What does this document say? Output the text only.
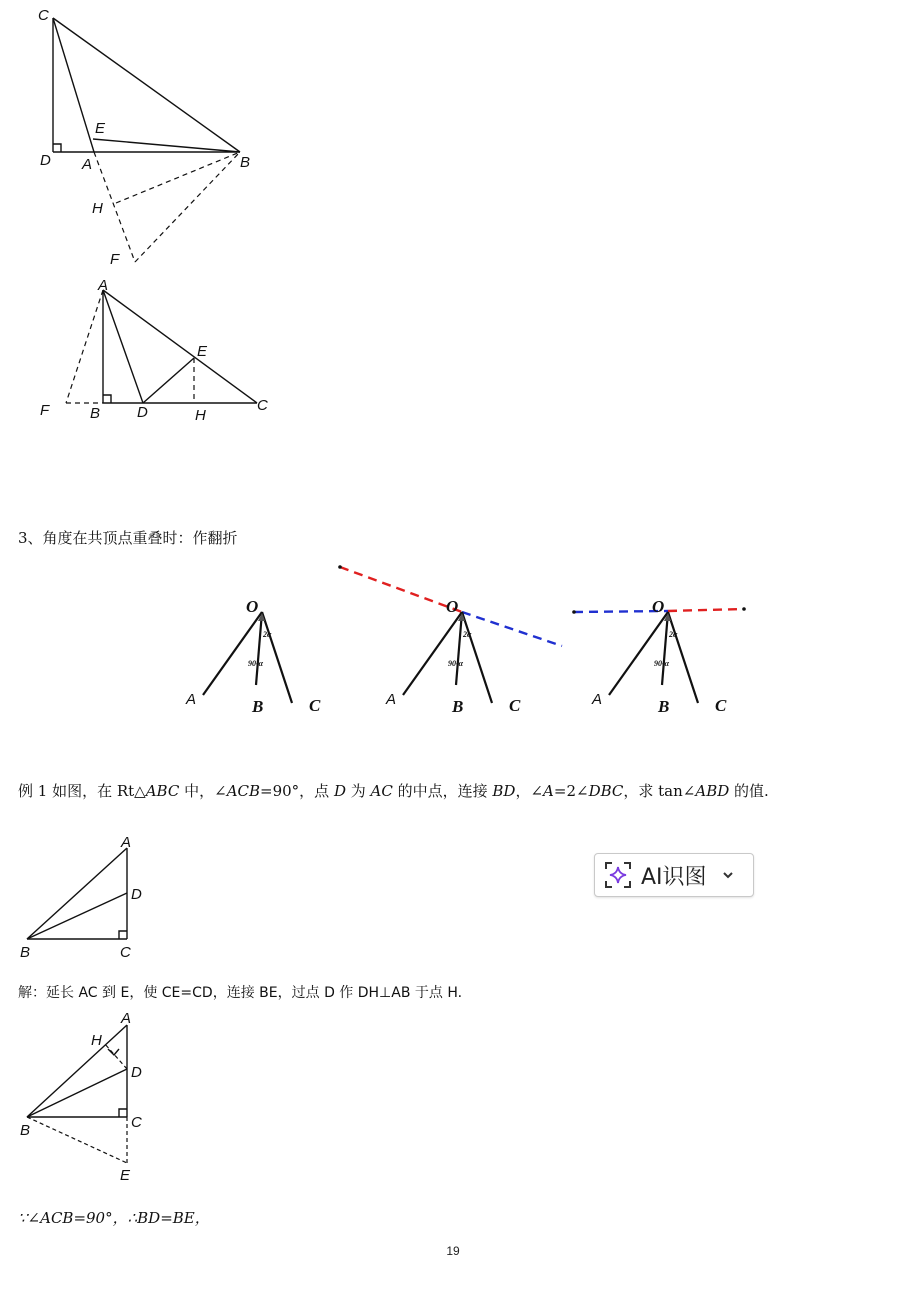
C
E
D A	B
H
F
A
E
F	B D	H
C
3、角度在共顶点重叠时：作翻折
O
2α
90-α
A	B	C
O
2α
90-α
A	B	C
O
2α
90-α
A	B	C
例 1 如图，在 Rt△ABC 中，∠ACB=90°，点 D 为 AC 的中点，连接 BD，∠A=2∠DBC，求 tan∠ABD 的值.
A
D
B	C
AI识图
解：延长 AC 到 E，使 CE=CD，连接 BE，过点 D 作 DH⊥AB 于点 H.
A
H
D
B	C
E
∵∠ACB=90°，∴BD=BE，
19
